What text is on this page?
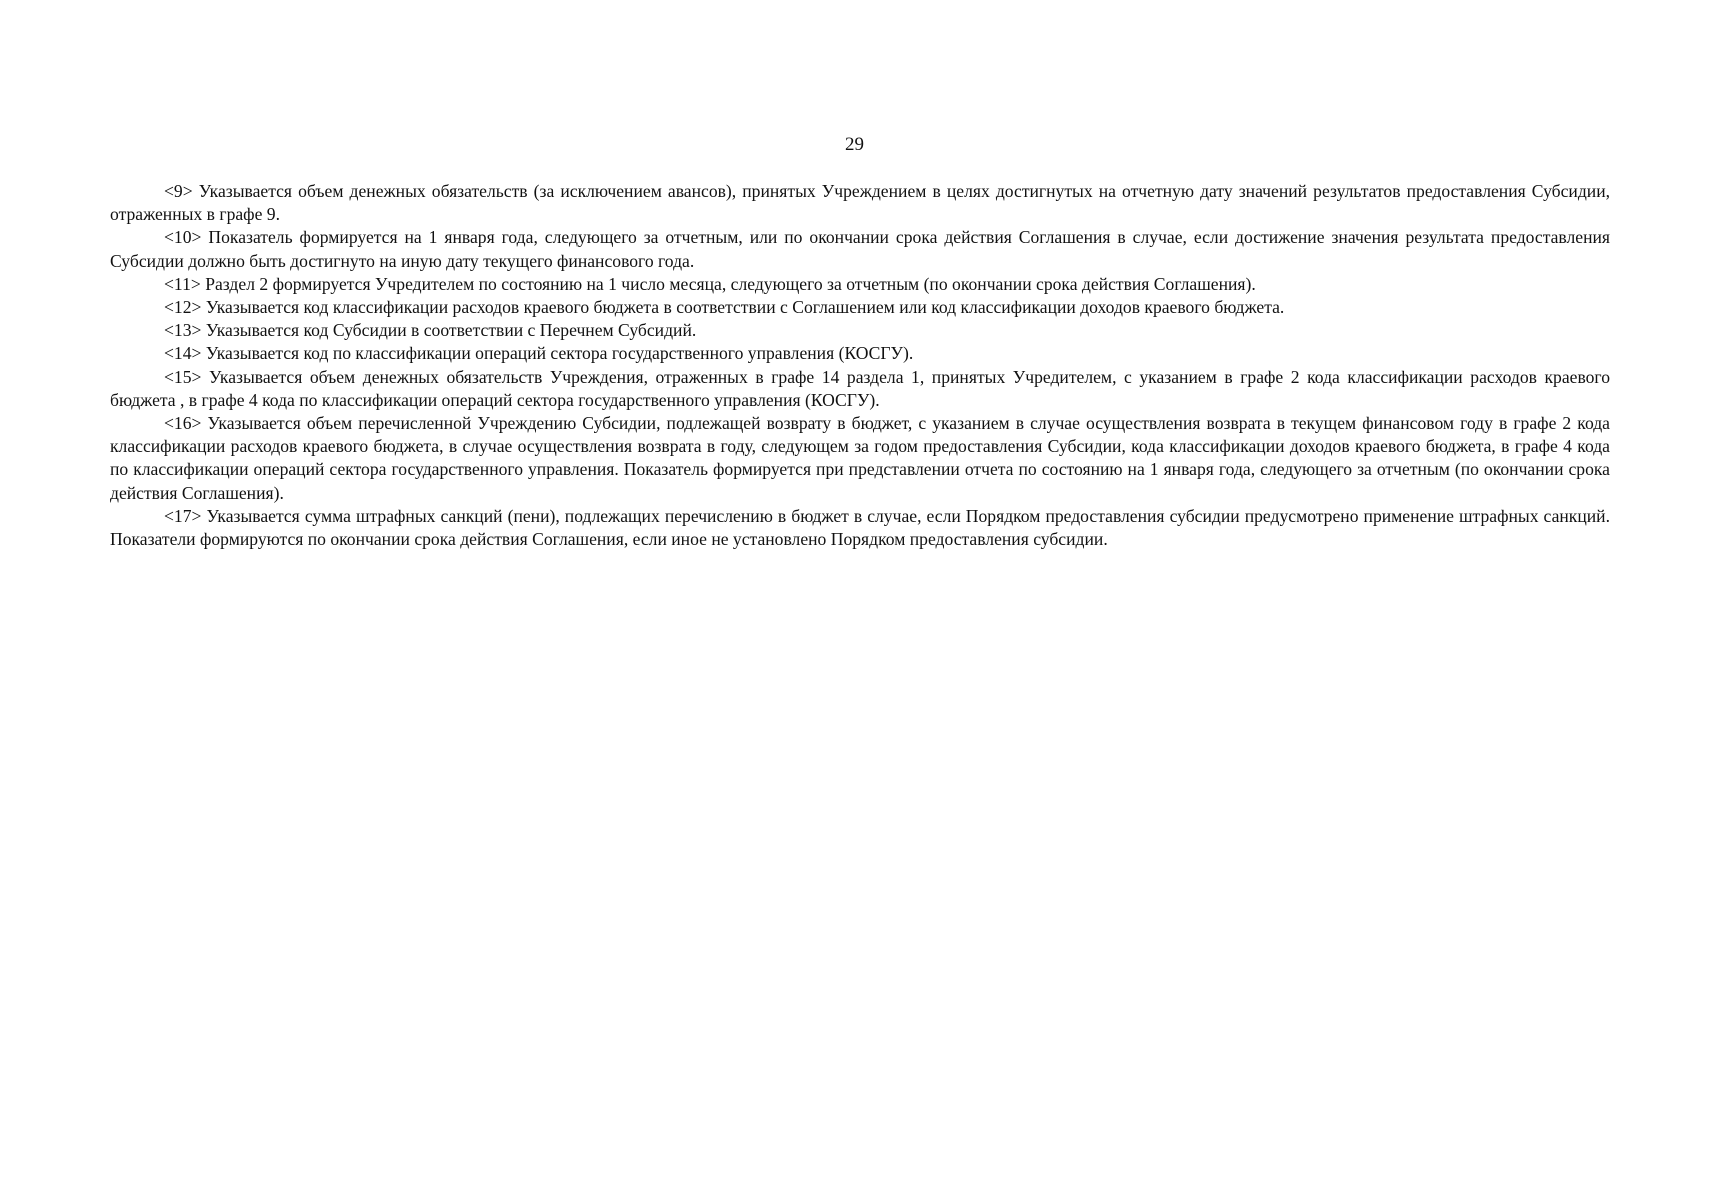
29

<9> Указывается объем денежных обязательств (за исключением авансов), принятых Учреждением в целях достигнутых на отчетную дату значений результатов предоставления Субсидии, отраженных в графе 9.

<10> Показатель формируется на 1 января года, следующего за отчетным, или по окончании срока действия Соглашения в случае, если достижение значения результата предоставления Субсидии должно быть достигнуто на иную дату текущего финансового года.

<11> Раздел 2 формируется Учредителем по состоянию на 1 число месяца, следующего за отчетным (по окончании срока действия Соглашения).

<12> Указывается код классификации расходов краевого бюджета в соответствии с Соглашением или код классификации доходов краевого бюджета.

<13> Указывается код Субсидии в соответствии с Перечнем Субсидий.

<14> Указывается код по классификации операций сектора государственного управления (КОСГУ).

<15> Указывается объем денежных обязательств Учреждения, отраженных в графе 14 раздела 1, принятых Учредителем, с указанием в графе 2 кода классификации расходов краевого бюджета , в графе 4 кода по классификации операций сектора государственного управления (КОСГУ).

<16> Указывается объем перечисленной Учреждению Субсидии, подлежащей возврату в бюджет, с указанием в случае осуществления возврата в текущем финансовом году в графе 2 кода классификации расходов краевого бюджета, в случае осуществления возврата в году, следующем за годом предоставления Субсидии, кода классификации доходов краевого бюджета, в графе 4 кода по классификации операций сектора государственного управления. Показатель формируется при представлении отчета по состоянию на 1 января года, следующего за отчетным (по окончании срока действия Соглашения).

<17> Указывается сумма штрафных санкций (пени), подлежащих перечислению в бюджет в случае, если Порядком предоставления субсидии предусмотрено применение штрафных санкций. Показатели формируются по окончании срока действия Соглашения, если иное не установлено Порядком предоставления субсидии.
